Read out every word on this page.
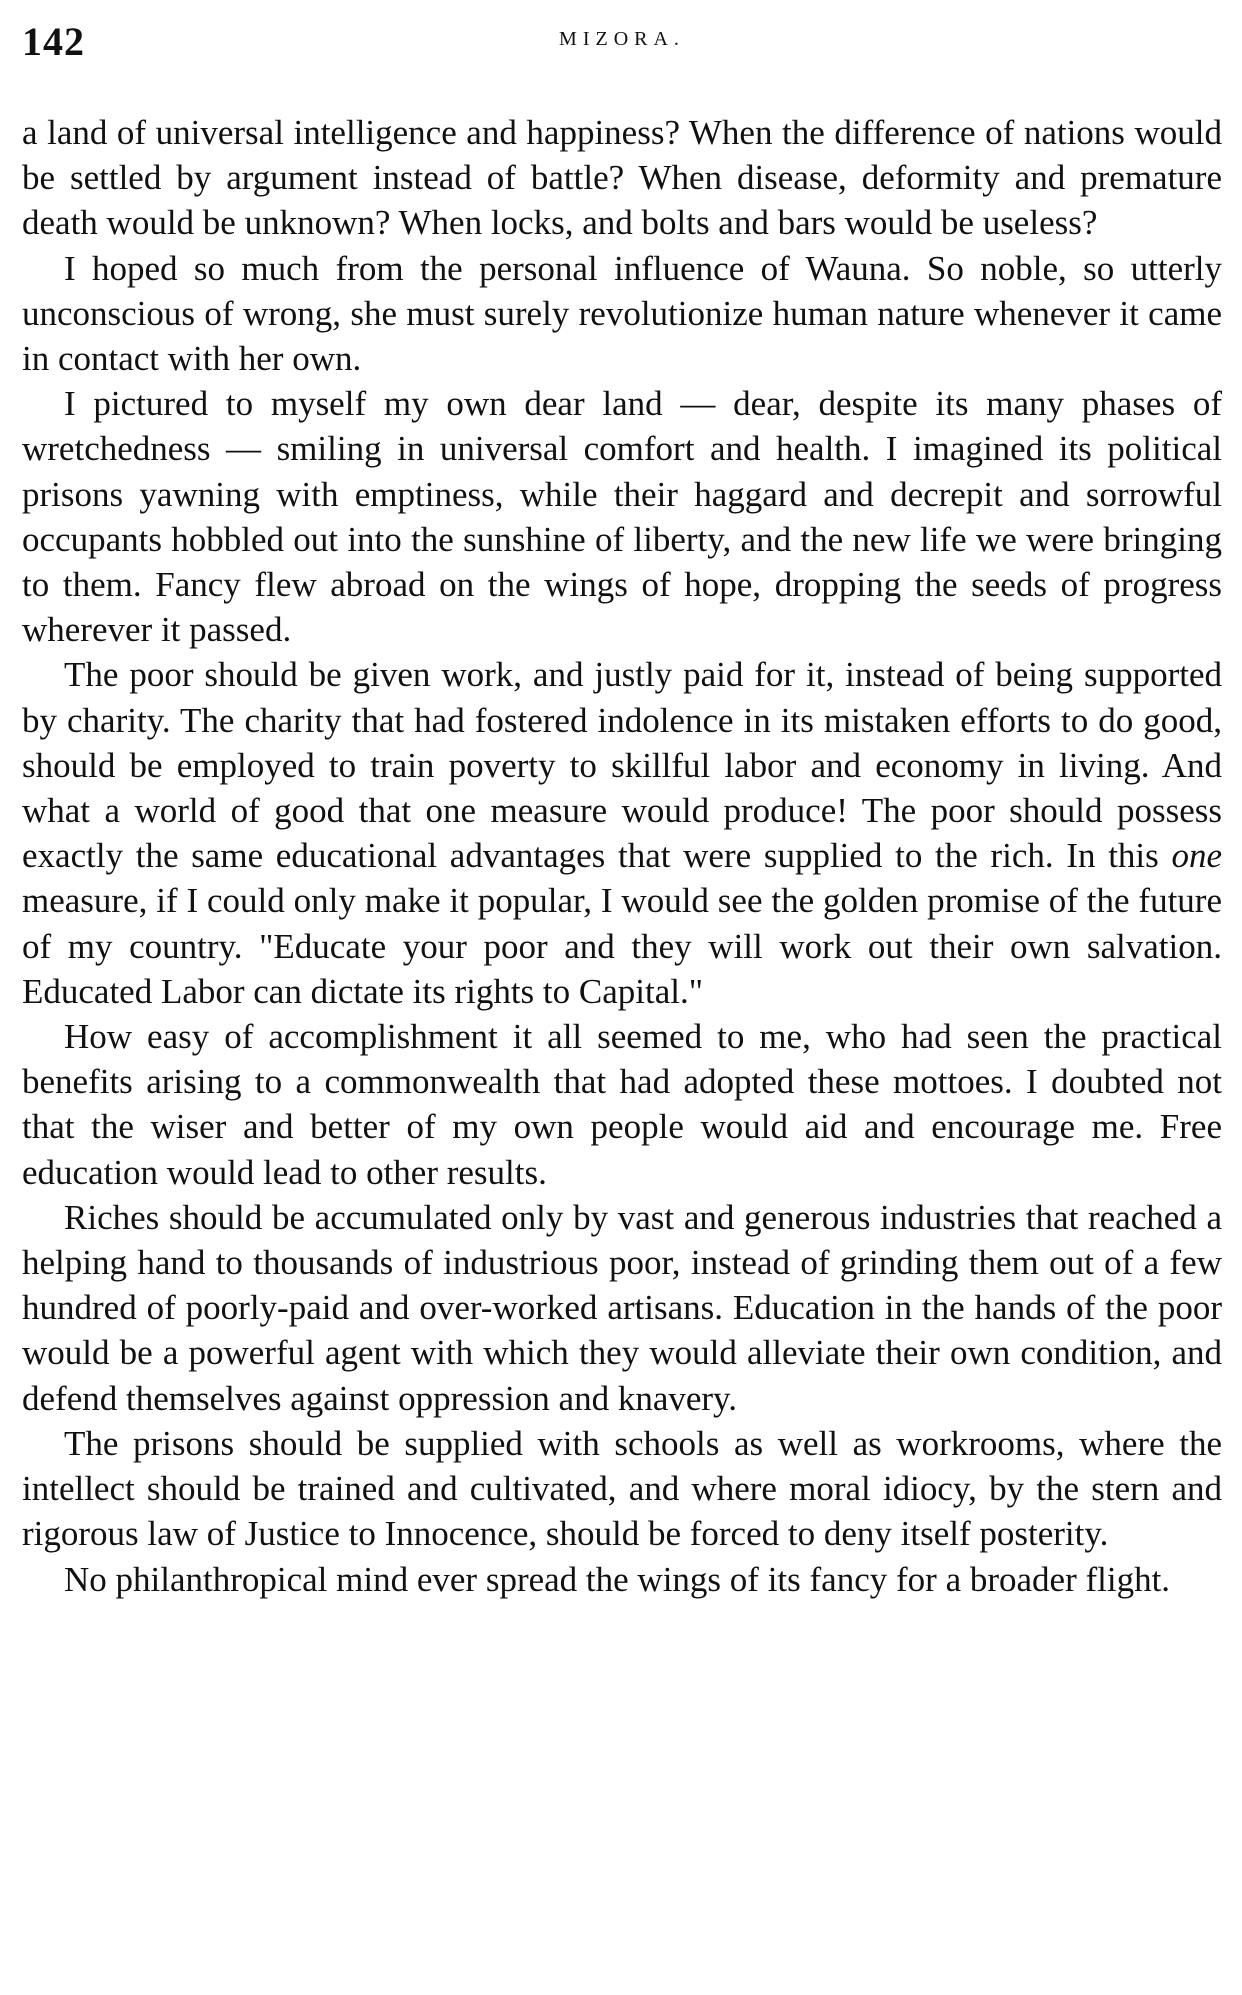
142	MIZORA.

a land of universal intelligence and happiness? When the difference of nations would be settled by argument instead of battle? When disease, deformity and premature death would be unknown? When locks, and bolts and bars would be useless?

I hoped so much from the personal influence of Wauna. So noble, so utterly unconscious of wrong, she must surely revolutionize human nature whenever it came in contact with her own.

I pictured to myself my own dear land — dear, despite its many phases of wretchedness — smiling in universal comfort and health. I imagined its political prisons yawning with emptiness, while their haggard and decrepit and sorrowful occupants hobbled out into the sunshine of liberty, and the new life we were bringing to them. Fancy flew abroad on the wings of hope, dropping the seeds of progress wherever it passed.

The poor should be given work, and justly paid for it, instead of being supported by charity. The charity that had fostered indolence in its mistaken efforts to do good, should be employed to train poverty to skillful labor and economy in living. And what a world of good that one measure would produce! The poor should possess exactly the same educational advantages that were supplied to the rich. In this one measure, if I could only make it popular, I would see the golden promise of the future of my country. "Educate your poor and they will work out their own salvation. Educated Labor can dictate its rights to Capital."

How easy of accomplishment it all seemed to me, who had seen the practical benefits arising to a commonwealth that had adopted these mottoes. I doubted not that the wiser and better of my own people would aid and encourage me. Free education would lead to other results.

Riches should be accumulated only by vast and generous industries that reached a helping hand to thousands of industrious poor, instead of grinding them out of a few hundred of poorly-paid and over-worked artisans. Education in the hands of the poor would be a powerful agent with which they would alleviate their own condition, and defend themselves against oppression and knavery.

The prisons should be supplied with schools as well as workrooms, where the intellect should be trained and cultivated, and where moral idiocy, by the stern and rigorous law of Justice to Innocence, should be forced to deny itself posterity.

No philanthropical mind ever spread the wings of its fancy for a broader flight.
